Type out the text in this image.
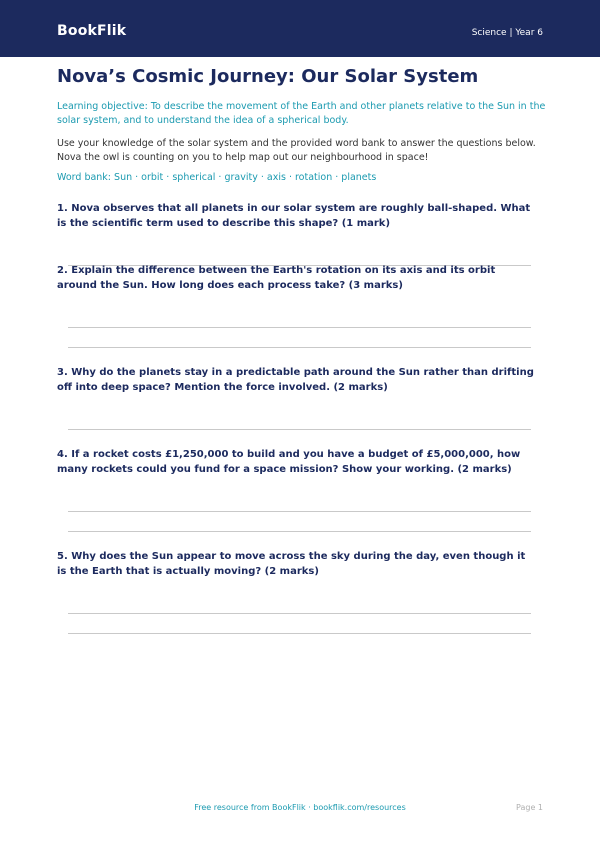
BookFlik	Science | Year 6
Nova’s Cosmic Journey: Our Solar System

Learning objective: To describe the movement of the Earth and other planets relative to the Sun in the solar system, and to understand the idea of a spherical body.

Use your knowledge of the solar system and the provided word bank to answer the questions below. Nova the owl is counting on you to help map out our neighbourhood in space!

Word bank: Sun · orbit · spherical · gravity · axis · rotation · planets

1. Nova observes that all planets in our solar system are roughly ball-shaped. What is the scientific term used to describe this shape? (1 mark)

2. Explain the difference between the Earth's rotation on its axis and its orbit around the Sun. How long does each process take? (3 marks)

3. Why do the planets stay in a predictable path around the Sun rather than drifting off into deep space? Mention the force involved. (2 marks)

4. If a rocket costs £1,250,000 to build and you have a budget of £5,000,000, how many rockets could you fund for a space mission? Show your working. (2 marks)

5. Why does the Sun appear to move across the sky during the day, even though it is the Earth that is actually moving? (2 marks)

Free resource from BookFlik · bookflik.com/resources	Page 1
